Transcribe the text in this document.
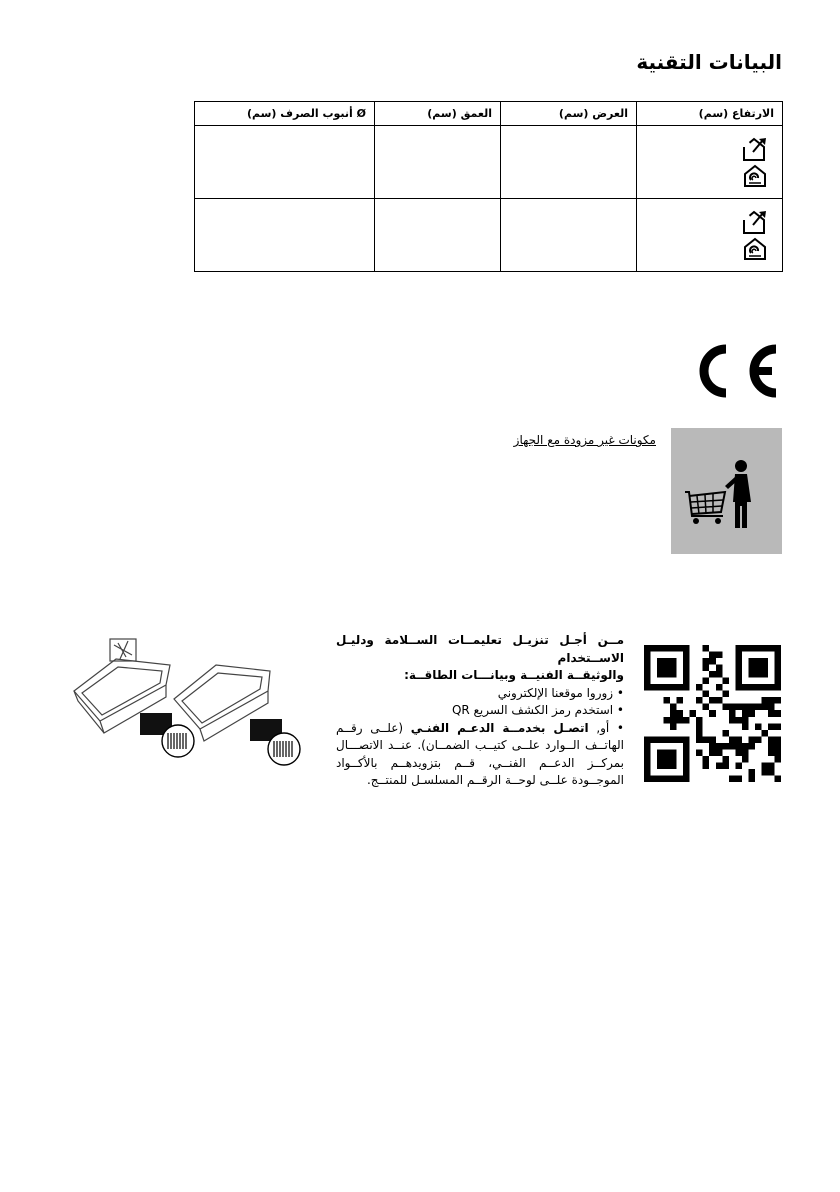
البيانات التقنية
الارتفاع (سم)	العرض (سم)	العمق (سم)	Ø أنبوب الصرف (سم)

مكونات غير مزودة مع الجهاز
مــن أجـل تنزيـل تعليمــات الســلامة ودليـل الاســتخدام
والوثيقــة الفنيــة وبيانـــات الطاقــة:
• زوروا موقعنا الإلكتروني
• استخدم رمز الكشف السريع QR
• أو, اتصـل بخدمــة الدعـم الفنـي (علــى رقــم الهاتــف الــوارد علــى كتيــب الضمــان). عنــد الاتصـــال بمركــز الدعــم الفنــي، قــم بتزويدهــم بالأكــواد الموجــودة علــى لوحــة الرقــم المسلسـل للمنتــج.
